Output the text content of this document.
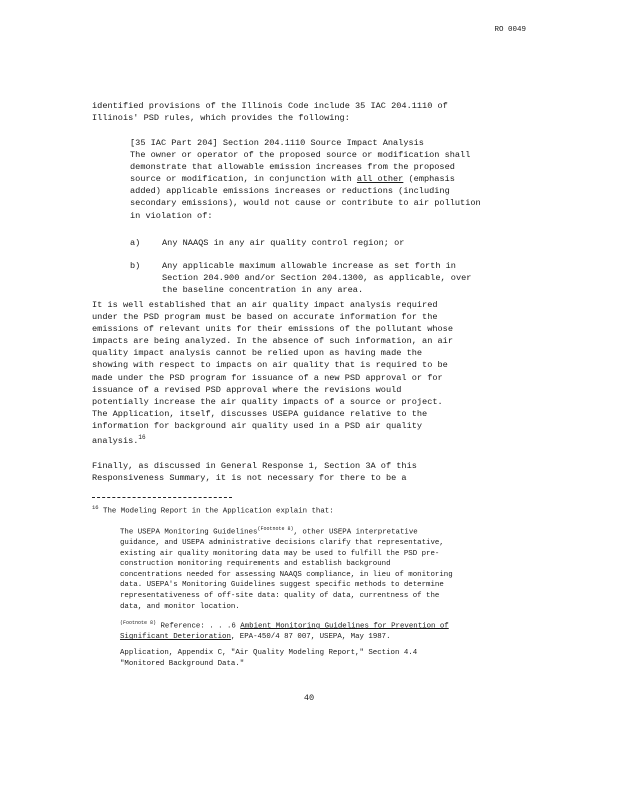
RO 0049
identified provisions of the Illinois Code include 35 IAC 204.1110 of
Illinois' PSD rules, which provides the following:
[35 IAC Part 204] Section 204.1110 Source Impact Analysis
The owner or operator of the proposed source or modification shall
demonstrate that allowable emission increases from the proposed
source or modification, in conjunction with all other (emphasis
added) applicable emissions increases or reductions (including
secondary emissions), would not cause or contribute to air pollution
in violation of:
a)	Any NAAQS in any air quality control region; or
b)	Any applicable maximum allowable increase as set forth in
Section 204.900 and/or Section 204.1300, as applicable, over
the baseline concentration in any area.
It is well established that an air quality impact analysis required
under the PSD program must be based on accurate information for the
emissions of relevant units for their emissions of the pollutant whose
impacts are being analyzed. In the absence of such information, an air
quality impact analysis cannot be relied upon as having made the
showing with respect to impacts on air quality that is required to be
made under the PSD program for issuance of a new PSD approval or for
issuance of a revised PSD approval where the revisions would
potentially increase the air quality impacts of a source or project.
The Application, itself, discusses USEPA guidance relative to the
information for background air quality used in a PSD air quality
analysis.$^{16}$
Finally, as discussed in General Response 1, Section 3A of this
Responsiveness Summary, it is not necessary for there to be a
$^{16}$ The Modeling Report in the Application explain that:
The USEPA Monitoring Guidelines$^{(Footnote 8)}$, other USEPA interpretative
guidance, and USEPA administrative decisions clarify that representative,
existing air quality monitoring data may be used to fulfill the PSD pre-
construction monitoring requirements and establish background
concentrations needed for assessing NAAQS compliance, in lieu of monitoring
data. USEPA's Monitoring Guidelines suggest specific methods to determine
representativeness of off-site data: quality of data, currentness of the
data, and monitor location.
$^{(Footnote 8)}$ Reference: . . .6 Ambient Monitoring Guidelines for Prevention of
Significant Deterioration, EPA-450/4 87 007, USEPA, May 1987.
Application, Appendix C, "Air Quality Modeling Report," Section 4.4
"Monitored Background Data."
40
